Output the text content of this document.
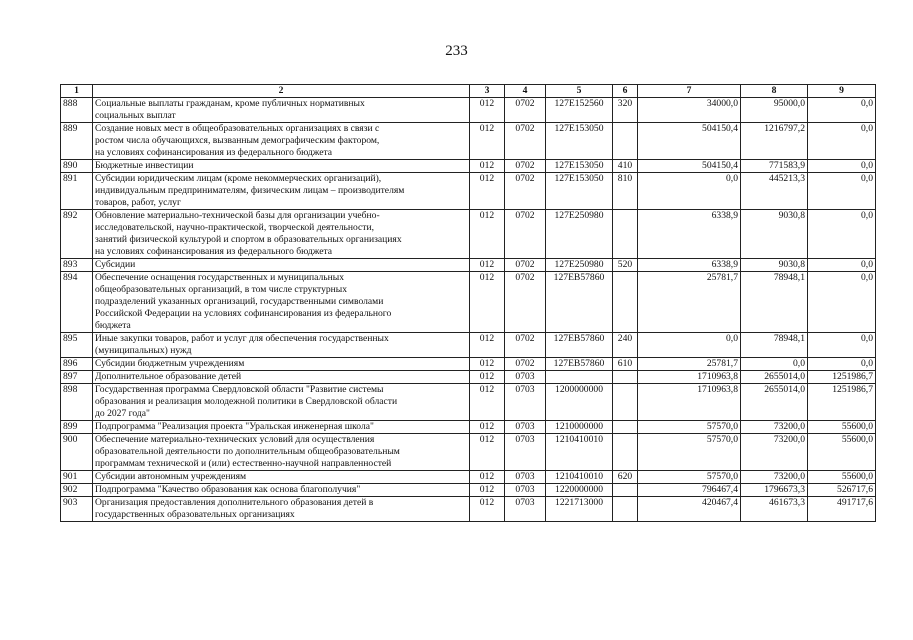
233
1	2	3	4	5	6	7	8	9
888	Социальные выплаты гражданам, кроме публичных нормативных
социальных выплат	012	0702	127E152560	320	34000,0	95000,0	0,0
889	Создание новых мест в общеобразовательных организациях в связи с
ростом числа обучающихся, вызванным демографическим фактором,
на условиях софинансирования из федерального бюджета	012	0702	127E153050		504150,4	1216797,2	0,0
890	Бюджетные инвестиции	012	0702	127E153050	410	504150,4	771583,9	0,0
891	Субсидии юридическим лицам (кроме некоммерческих организаций),
индивидуальным предпринимателям, физическим лицам – производителям
товаров, работ, услуг	012	0702	127E153050	810	0,0	445213,3	0,0
892	Обновление материально-технической базы для организации учебно-
исследовательской, научно-практической, творческой деятельности,
занятий физической культурой и спортом в образовательных организациях
на условиях софинансирования из федерального бюджета	012	0702	127E250980		6338,9	9030,8	0,0
893	Субсидии	012	0702	127E250980	520	6338,9	9030,8	0,0
894	Обеспечение оснащения государственных и муниципальных
общеобразовательных организаций, в том числе структурных
подразделений указанных организаций, государственными символами
Российской Федерации на условиях софинансирования из федерального
бюджета	012	0702	127EB57860		25781,7	78948,1	0,0
895	Иные закупки товаров, работ и услуг для обеспечения государственных
(муниципальных) нужд	012	0702	127EB57860	240	0,0	78948,1	0,0
896	Субсидии бюджетным учреждениям	012	0702	127EB57860	610	25781,7	0,0	0,0
897	Дополнительное образование детей	012	0703			1710963,8	2655014,0	1251986,7
898	Государственная программа Свердловской области "Развитие системы
образования и реализация молодежной политики в Свердловской области
до 2027 года"	012	0703	1200000000		1710963,8	2655014,0	1251986,7
899	Подпрограмма "Реализация проекта "Уральская инженерная школа"	012	0703	1210000000		57570,0	73200,0	55600,0
900	Обеспечение материально-технических условий для осуществления
образовательной деятельности по дополнительным общеобразовательным
программам технической и (или) естественно-научной направленностей	012	0703	1210410010		57570,0	73200,0	55600,0
901	Субсидии автономным учреждениям	012	0703	1210410010	620	57570,0	73200,0	55600,0
902	Подпрограмма "Качество образования как основа благополучия"	012	0703	1220000000		796467,4	1796673,3	526717,6
903	Организация предоставления дополнительного образования детей в
государственных образовательных организациях	012	0703	1221713000		420467,4	461673,3	491717,6
